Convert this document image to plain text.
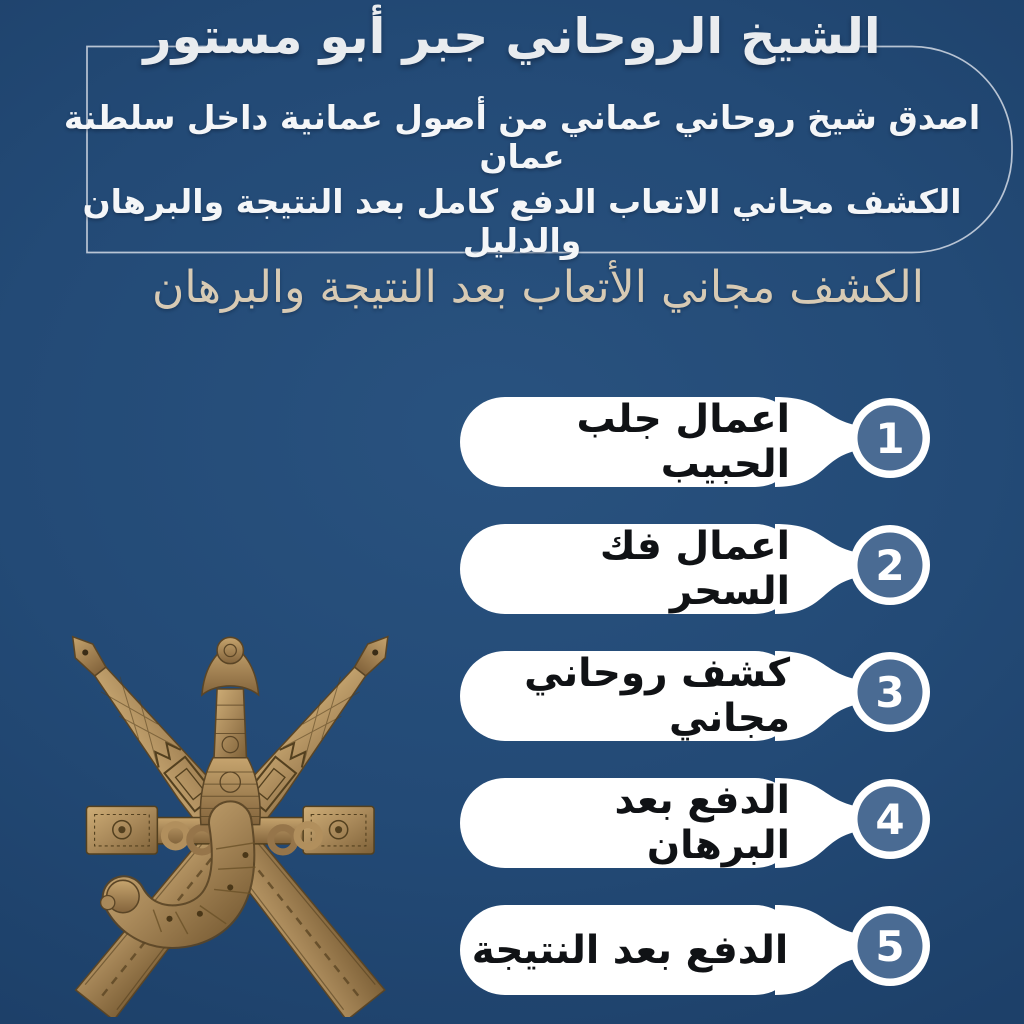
الشيخ الروحاني جبر أبو مستور
اصدق شيخ روحاني عماني من أصول عمانية داخل سلطنة عمان
الكشف مجاني الاتعاب الدفع كامل بعد النتيجة والبرهان والدليل
الكشف مجاني الأتعاب بعد النتيجة والبرهان
اعمال جلب الحبيب
1
اعمال فك السحر
2
كشف روحاني مجاني
3
الدفع بعد البرهان
4
الدفع بعد النتيجة	5
